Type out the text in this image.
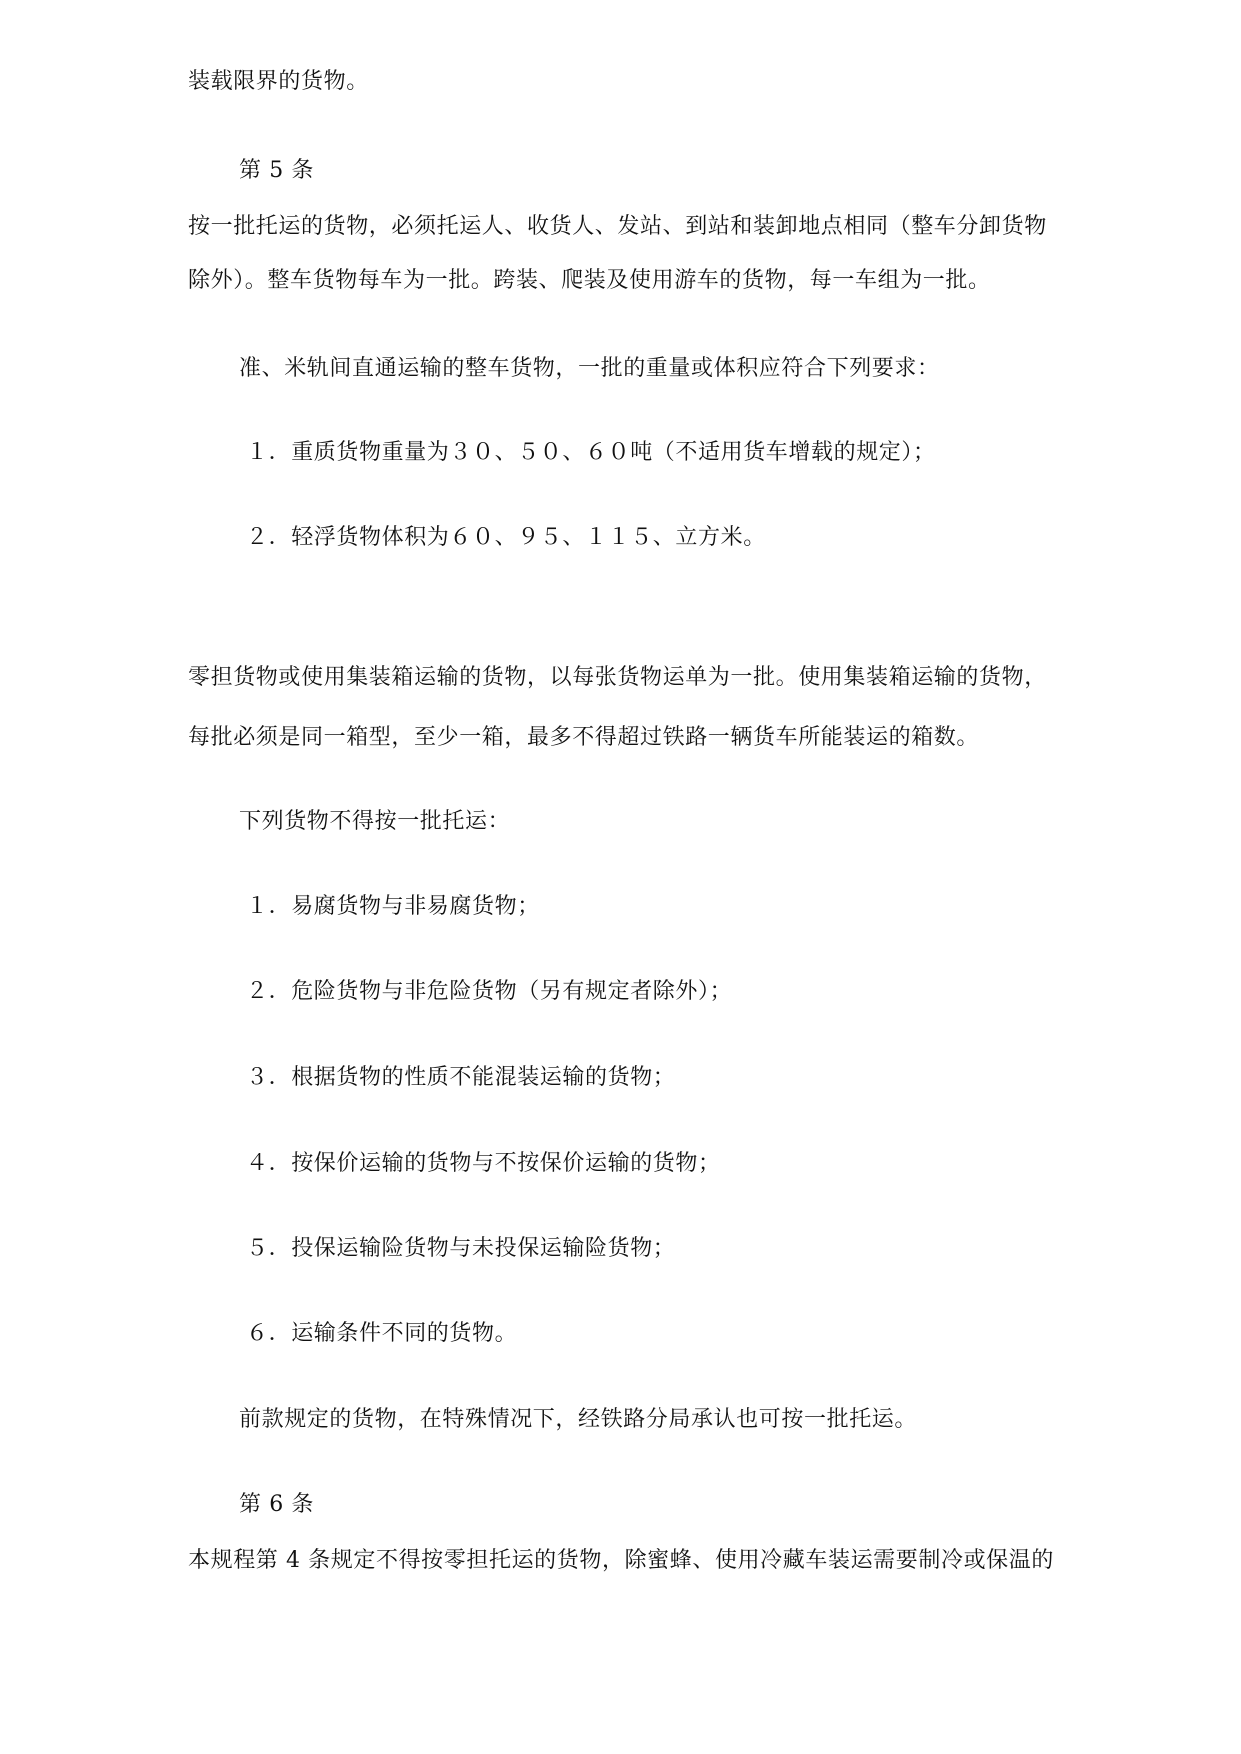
装载限界的货物。
第 5 条
按一批托运的货物，必须托运人、收货人、发站、到站和装卸地点相同（整车分卸货物
除外）。整车货物每车为一批。跨装、爬装及使用游车的货物，每一车组为一批。
准、米轨间直通运输的整车货物，一批的重量或体积应符合下列要求：
１．重质货物重量为３０、５０、６０吨（不适用货车增载的规定）；
２．轻浮货物体积为６０、９５、１１５、立方米。
零担货物或使用集装箱运输的货物，以每张货物运单为一批。使用集装箱运输的货物，
每批必须是同一箱型，至少一箱，最多不得超过铁路一辆货车所能装运的箱数。
下列货物不得按一批托运：
１．易腐货物与非易腐货物；
２．危险货物与非危险货物（另有规定者除外）；
３．根据货物的性质不能混装运输的货物；
４．按保价运输的货物与不按保价运输的货物；
５．投保运输险货物与未投保运输险货物；
６．运输条件不同的货物。
前款规定的货物，在特殊情况下，经铁路分局承认也可按一批托运。
第 6 条
本规程第 4 条规定不得按零担托运的货物，除蜜蜂、使用冷藏车装运需要制冷或保温的
